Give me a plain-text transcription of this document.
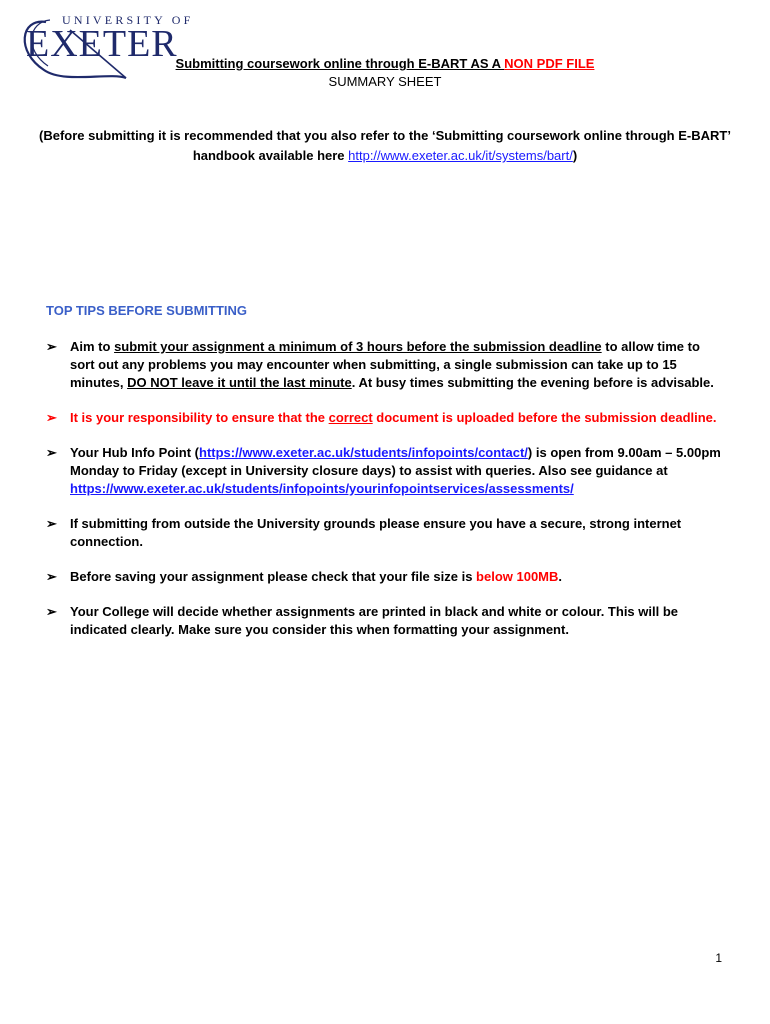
UNIVERSITY OF
EXETER
Submitting coursework online through E-BART AS A NON PDF FILE
SUMMARY SHEET
(Before submitting it is recommended that you also refer to the ‘Submitting coursework online through E-BART’ handbook available here http://www.exeter.ac.uk/it/systems/bart/)
TOP TIPS BEFORE SUBMITTING
➢ Aim to submit your assignment a minimum of 3 hours before the submission deadline to allow time to sort out any problems you may encounter when submitting, a single submission can take up to 15 minutes, DO NOT leave it until the last minute. At busy times submitting the evening before is advisable.
➢ It is your responsibility to ensure that the correct document is uploaded before the submission deadline.
➢ Your Hub Info Point (https://www.exeter.ac.uk/students/infopoints/contact/) is open from 9.00am – 5.00pm Monday to Friday (except in University closure days) to assist with queries. Also see guidance at https://www.exeter.ac.uk/students/infopoints/yourinfopointservices/assessments/
➢ If submitting from outside the University grounds please ensure you have a secure, strong internet connection.
➢ Before saving your assignment please check that your file size is below 100MB.
➢ Your College will decide whether assignments are printed in black and white or colour. This will be indicated clearly. Make sure you consider this when formatting your assignment.
1
